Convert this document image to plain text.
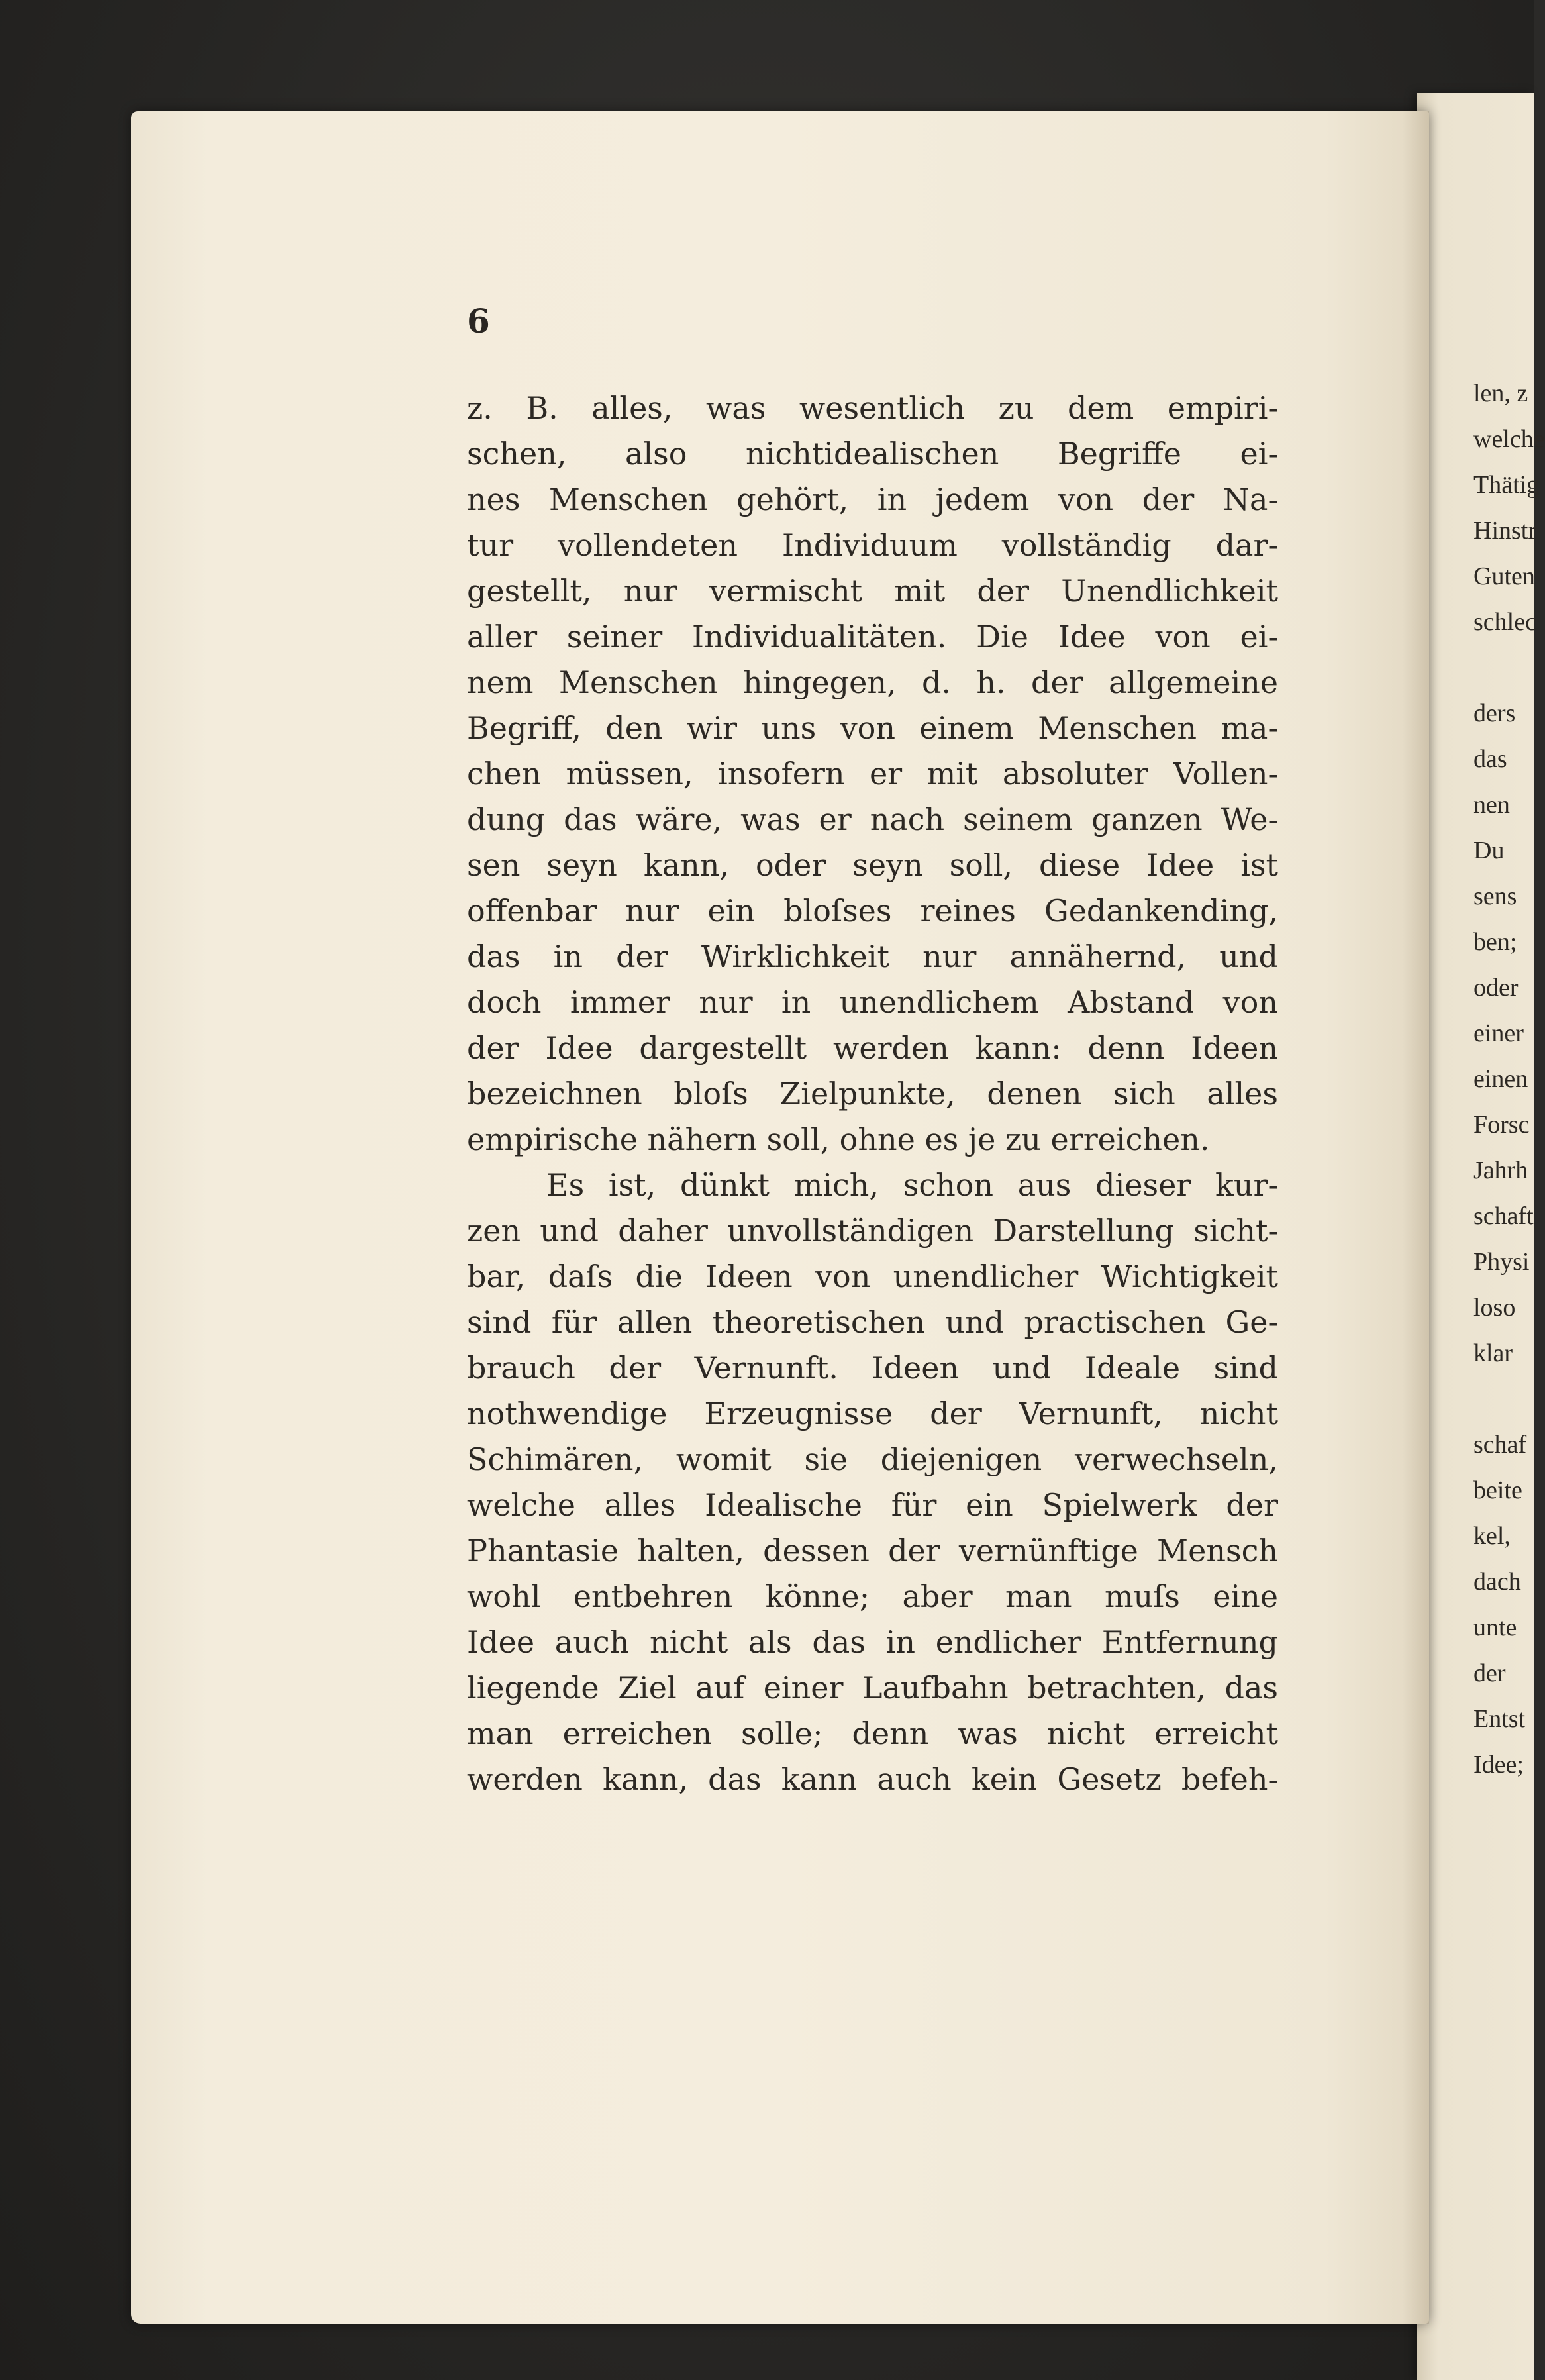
6
z. B. alles, was wesentlich zu dem empiri-
schen, also nichtidealischen Begriffe ei-
nes Menschen gehört, in jedem von der Na-
tur vollendeten Individuum vollständig dar-
gestellt, nur vermischt mit der Unendlichkeit
aller seiner Individualitäten. Die Idee von ei-
nem Menschen hingegen, d. h. der allgemeine
Begriff, den wir uns von einem Menschen ma-
chen müssen, insofern er mit absoluter Vollen-
dung das wäre, was er nach seinem ganzen We-
sen seyn kann, oder seyn soll, diese Idee ist
offenbar nur ein bloſses reines Gedankending,
das in der Wirklichkeit nur annähernd, und
doch immer nur in unendlichem Abstand von
der Idee dargestellt werden kann: denn Ideen
bezeichnen bloſs Zielpunkte, denen sich alles
empirische nähern soll, ohne es je zu erreichen.
Es ist, dünkt mich, schon aus dieser kur-
zen und daher unvollständigen Darstellung sicht-
bar, daſs die Ideen von unendlicher Wichtigkeit
sind für allen theoretischen und practischen Ge-
brauch der Vernunft. Ideen und Ideale sind
nothwendige Erzeugnisse der Vernunft, nicht
Schimären, womit sie diejenigen verwechseln,
welche alles Idealische für ein Spielwerk der
Phantasie halten, dessen der vernünftige Mensch
wohl entbehren könne; aber man muſs eine
Idee auch nicht als das in endlicher Entfernung
liegende Ziel auf einer Laufbahn betrachten, das
man erreichen solle; denn was nicht erreicht
werden kann, das kann auch kein Gesetz befeh-
len, z
welche
Thätig
Hinstr
Guten
schlec
ders
das
nen
Du
sens
ben;
oder
einer
einen
Forsc
Jahrh
schaft
Physi
loso
klar
schaf
beite
kel,
dach
unte
der
Entst
Idee;
